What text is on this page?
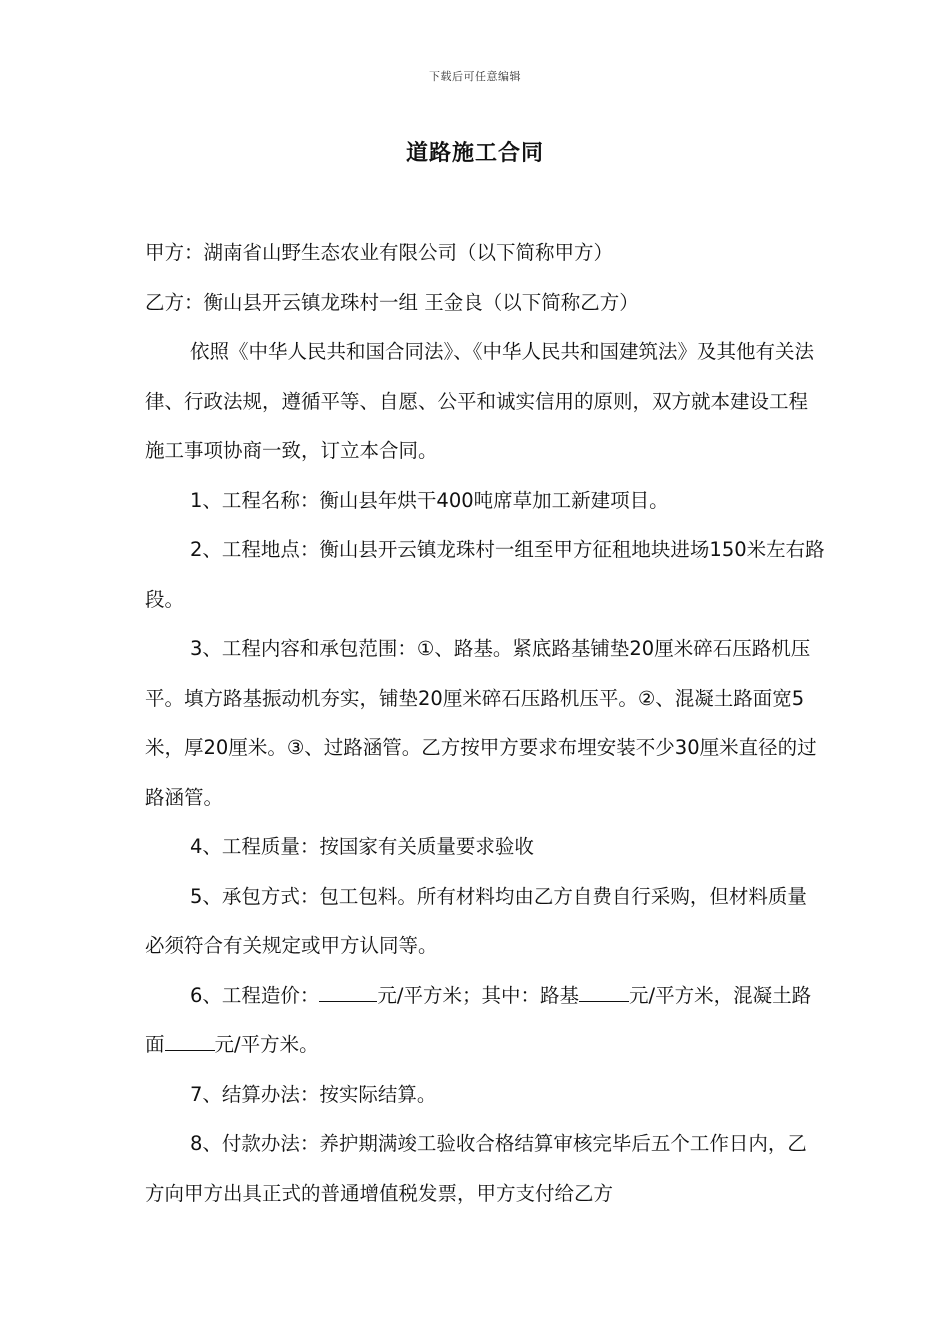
下载后可任意编辑
道路施工合同

甲方：湖南省山野生态农业有限公司（以下简称甲方）

乙方：衡山县开云镇龙珠村一组 王金良（以下简称乙方）

依照《中华人民共和国合同法》、《中华人民共和国建筑法》及其他有关法律、行政法规，遵循平等、自愿、公平和诚实信用的原则，双方就本建设工程施工事项协商一致，订立本合同。

1、工程名称：衡山县年烘干400吨席草加工新建项目。

2、工程地点：衡山县开云镇龙珠村一组至甲方征租地块进场150米左右路段。

3、工程内容和承包范围：①、路基。紧底路基铺垫20厘米碎石压路机压平。填方路基振动机夯实，铺垫20厘米碎石压路机压平。②、混凝土路面宽5米，厚20厘米。③、过路涵管。乙方按甲方要求布埋安装不少30厘米直径的过路涵管。

4、工程质量：按国家有关质量要求验收

5、承包方式：包工包料。所有材料均由乙方自费自行采购，但材料质量必须符合有关规定或甲方认同等。

6、工程造价：	元/平方米；其中：路基	元/平方米，混凝土路面	元/平方米。

7、结算办法：按实际结算。

8、付款办法：养护期满竣工验收合格结算审核完毕后五个工作日内，乙方向甲方出具正式的普通增值税发票，甲方支付给乙方
